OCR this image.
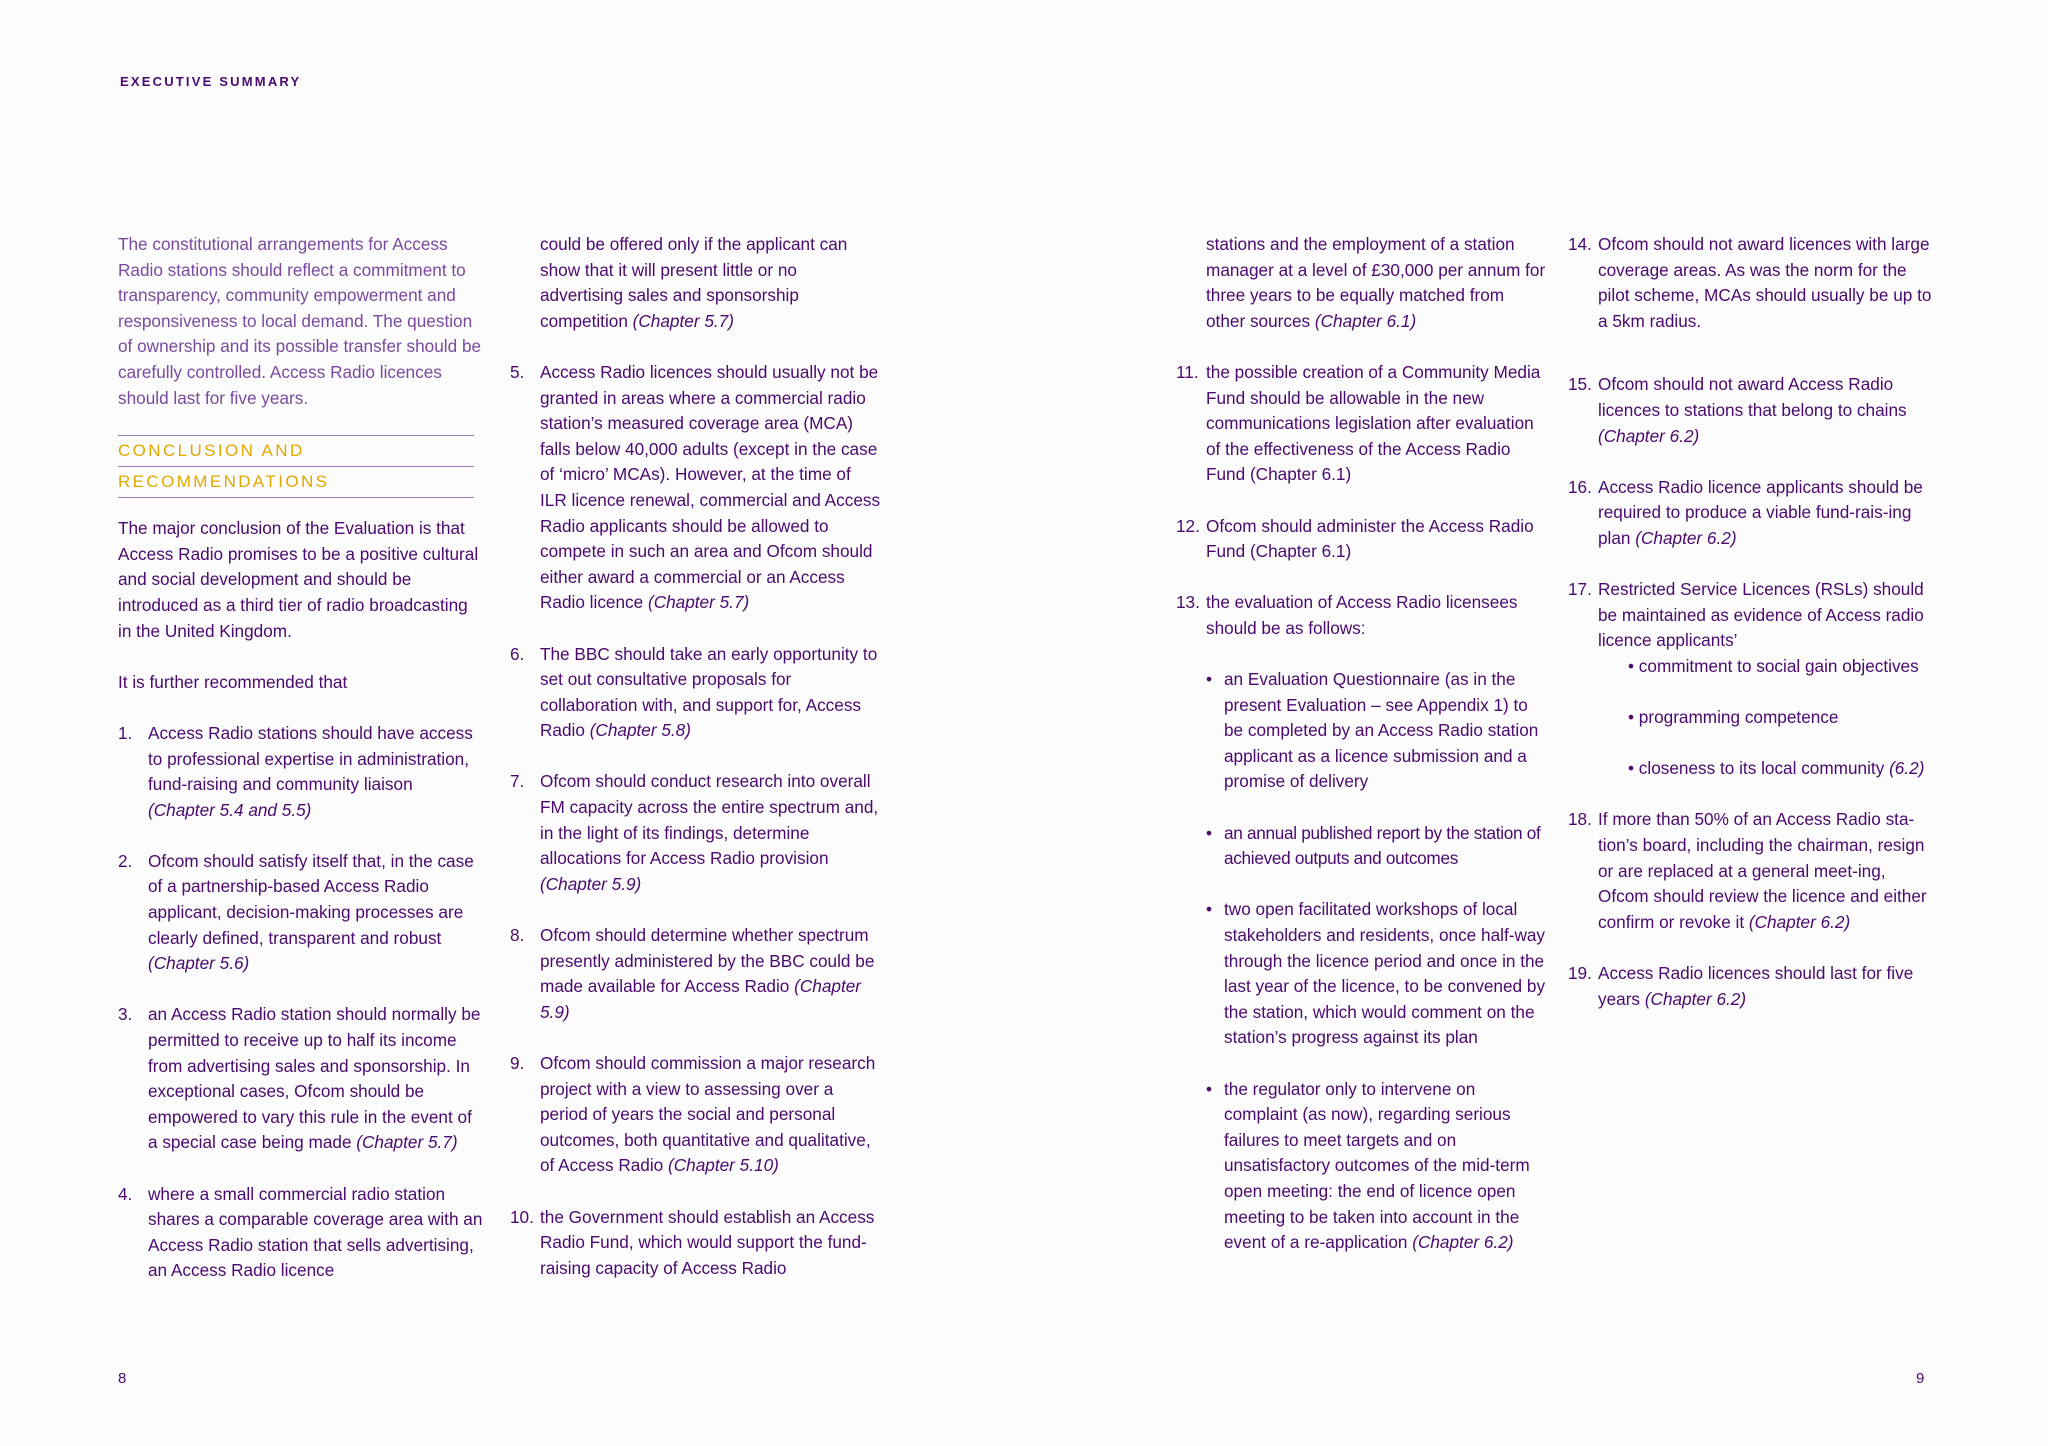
EXECUTIVE SUMMARY

The constitutional arrangements for Access Radio stations should reflect a commitment to transparency, community empowerment and responsiveness to local demand. The question of ownership and its possible transfer should be carefully controlled. Access Radio licences should last for five years.

CONCLUSION AND

RECOMMENDATIONS

The major conclusion of the Evaluation is that Access Radio promises to be a positive cultural and social development and should be introduced as a third tier of radio broadcasting in the United Kingdom.

It is further recommended that

1. Access Radio stations should have access to professional expertise in administration, fund-raising and community liaison (Chapter 5.4 and 5.5)
2. Ofcom should satisfy itself that, in the case of a partnership-based Access Radio applicant, decision-making processes are clearly defined, transparent and robust (Chapter 5.6)
3. an Access Radio station should normally be permitted to receive up to half its income from advertising sales and sponsorship. In exceptional cases, Ofcom should be empowered to vary this rule in the event of a special case being made (Chapter 5.7)
4. where a small commercial radio station shares a comparable coverage area with an Access Radio station that sells advertising, an Access Radio licence
could be offered only if the applicant can show that it will present little or no advertising sales and sponsorship competition (Chapter 5.7)
5. Access Radio licences should usually not be granted in areas where a commercial radio station’s measured coverage area (MCA) falls below 40,000 adults (except in the case of ‘micro’ MCAs). However, at the time of ILR licence renewal, commercial and Access Radio applicants should be allowed to compete in such an area and Ofcom should either award a commercial or an Access Radio licence (Chapter 5.7)
6. The BBC should take an early opportunity to set out consultative proposals for collaboration with, and support for, Access Radio (Chapter 5.8)
7. Ofcom should conduct research into overall FM capacity across the entire spectrum and, in the light of its findings, determine allocations for Access Radio provision (Chapter 5.9)
8. Ofcom should determine whether spectrum presently administered by the BBC could be made available for Access Radio (Chapter 5.9)
9. Ofcom should commission a major research project with a view to assessing over a period of years the social and personal outcomes, both quantitative and qualitative, of Access Radio (Chapter 5.10)
10. the Government should establish an Access Radio Fund, which would support the fund-raising capacity of Access Radio
8
stations and the employment of a station manager at a level of £30,000 per annum for three years to be equally matched from other sources (Chapter 6.1)
11. the possible creation of a Community Media Fund should be allowable in the new communications legislation after evaluation of the effectiveness of the Access Radio Fund (Chapter 6.1)
12. Ofcom should administer the Access Radio Fund (Chapter 6.1)
13. the evaluation of Access Radio licensees should be as follows:
• an Evaluation Questionnaire (as in the present Evaluation – see Appendix 1) to be completed by an Access Radio station applicant as a licence submission and a promise of delivery
• an annual published report by the station of achieved outputs and outcomes
• two open facilitated workshops of local stakeholders and residents, once half-way through the licence period and once in the last year of the licence, to be convened by the station, which would comment on the station’s progress against its plan
• the regulator only to intervene on complaint (as now), regarding serious failures to meet targets and on unsatisfactory outcomes of the mid-term open meeting: the end of licence open meeting to be taken into account in the event of a re-application (Chapter 6.2)
14. Ofcom should not award licences with large coverage areas. As was the norm for the pilot scheme, MCAs should usually be up to a 5km radius.
15. Ofcom should not award Access Radio licences to stations that belong to chains (Chapter 6.2)
16. Access Radio licence applicants should be required to produce a viable fund-rais-ing plan (Chapter 6.2)
17. Restricted Service Licences (RSLs) should be maintained as evidence of Access radio licence applicants’
• commitment to social gain objectives
• programming competence
• closeness to its local community (6.2)
18. If more than 50% of an Access Radio sta-tion’s board, including the chairman, resign or are replaced at a general meet-ing, Ofcom should review the licence and either confirm or revoke it (Chapter 6.2)
19. Access Radio licences should last for five years (Chapter 6.2)
9
